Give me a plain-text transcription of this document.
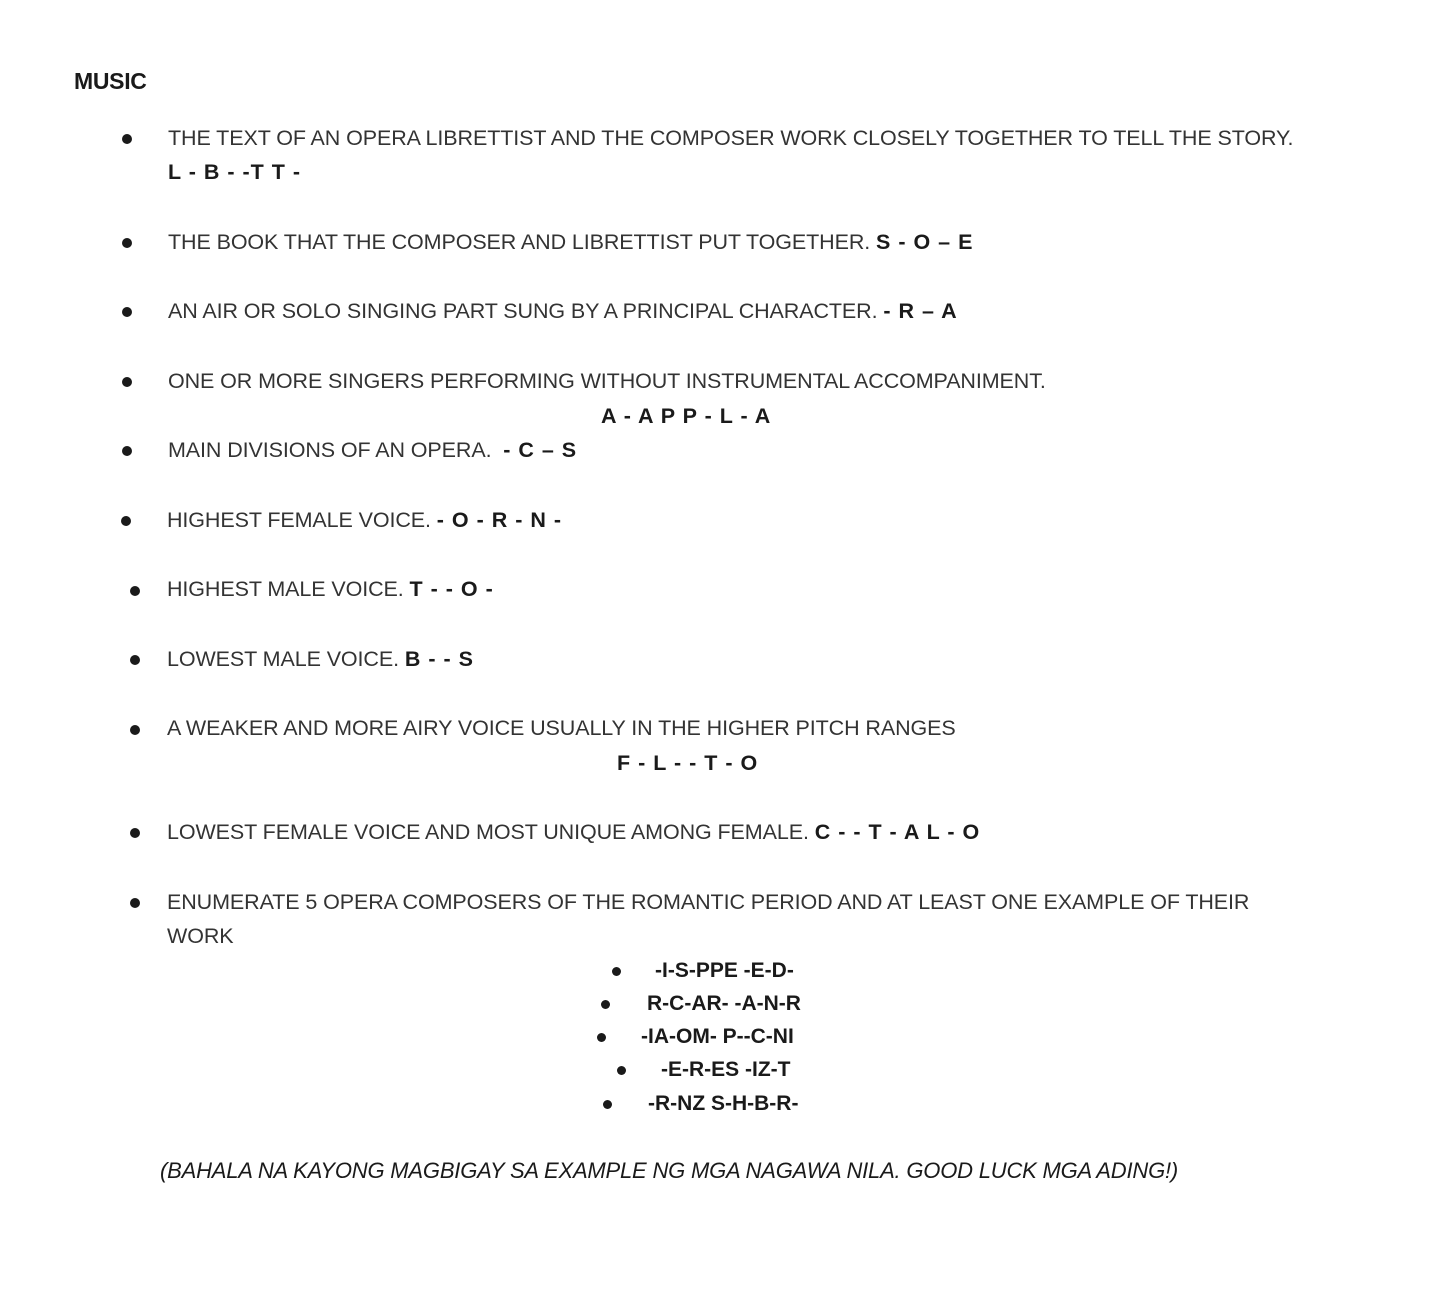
MUSIC
THE TEXT OF AN OPERA LIBRETTIST AND THE COMPOSER WORK CLOSELY TOGETHER TO TELL THE STORY.
L - B - -T T -
THE BOOK THAT THE COMPOSER AND LIBRETTIST PUT TOGETHER. S - O – E
AN AIR OR SOLO SINGING PART SUNG BY A PRINCIPAL CHARACTER. - R – A
ONE OR MORE SINGERS PERFORMING WITHOUT INSTRUMENTAL ACCOMPANIMENT.
A - A P P - L - A
MAIN DIVISIONS OF AN OPERA. - C – S
HIGHEST FEMALE VOICE. - O - R - N -
HIGHEST MALE VOICE. T - - O -
LOWEST MALE VOICE. B - - S
A WEAKER AND MORE AIRY VOICE USUALLY IN THE HIGHER PITCH RANGES
F - L - - T - O
LOWEST FEMALE VOICE AND MOST UNIQUE AMONG FEMALE. C - - T - A L - O
ENUMERATE 5 OPERA COMPOSERS OF THE ROMANTIC PERIOD AND AT LEAST ONE EXAMPLE OF THEIR
WORK
-I-S-PPE -E-D-
R-C-AR- -A-N-R
-IA-OM- P--C-NI
-E-R-ES -IZ-T
-R-NZ S-H-B-R-
(BAHALA NA KAYONG MAGBIGAY SA EXAMPLE NG MGA NAGAWA NILA. GOOD LUCK MGA ADING!)
